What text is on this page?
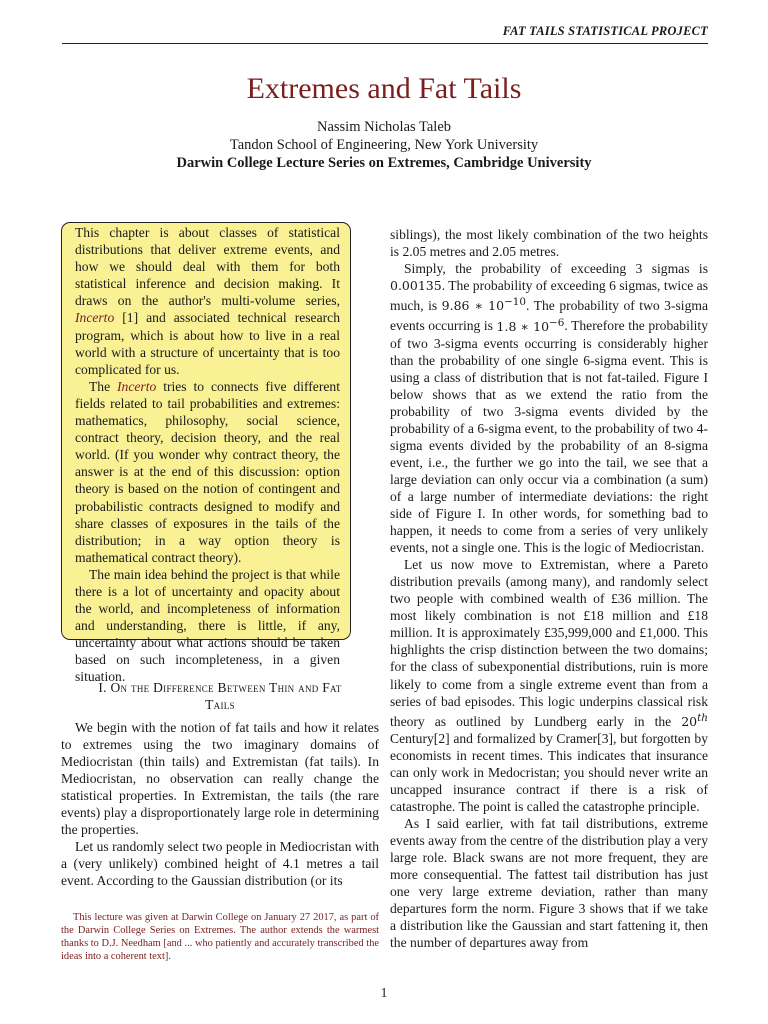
FAT TAILS STATISTICAL PROJECT
Extremes and Fat Tails
Nassim Nicholas Taleb
Tandon School of Engineering, New York University
Darwin College Lecture Series on Extremes, Cambridge University

This chapter is about classes of statistical distributions that deliver extreme events, and how we should deal with them for both statistical inference and decision making. It draws on the author's multi-volume series, Incerto [1] and associated technical research program, which is about how to live in a real world with a structure of uncertainty that is too complicated for us.

The Incerto tries to connects five different fields related to tail probabilities and extremes: mathematics, philosophy, social science, contract theory, decision theory, and the real world. (If you wonder why contract theory, the answer is at the end of this discussion: option theory is based on the notion of contingent and probabilistic contracts designed to modify and share classes of exposures in the tails of the distribution; in a way option theory is mathematical contract theory).

The main idea behind the project is that while there is a lot of uncertainty and opacity about the world, and incompleteness of information and understanding, there is little, if any, uncertainty about what actions should be taken based on such incompleteness, in a given situation.

I. On the Difference Between Thin and Fat
Tails

We begin with the notion of fat tails and how it relates to extremes using the two imaginary domains of Mediocristan (thin tails) and Extremistan (fat tails). In Mediocristan, no observation can really change the statistical properties. In Extremistan, the tails (the rare events) play a disproportionately large role in determining the properties.

Let us randomly select two people in Mediocristan with a (very unlikely) combined height of 4.1 metres a tail event. According to the Gaussian distribution (or its

This lecture was given at Darwin College on January 27 2017, as part of the Darwin College Series on Extremes. The author extends the warmest thanks to D.J. Needham [and ... who patiently and accurately transcribed the ideas into a coherent text].

siblings), the most likely combination of the two heights is 2.05 metres and 2.05 metres.

Simply, the probability of exceeding 3 sigmas is 0.00135. The probability of exceeding 6 sigmas, twice as much, is 9.86 ∗ $10^{-10}$. The probability of two 3-sigma events occurring is 1.8 ∗ $10^{-6}$. Therefore the probability of two 3-sigma events occurring is considerably higher than the probability of one single 6-sigma event. This is using a class of distribution that is not fat-tailed. Figure I below shows that as we extend the ratio from the probability of two 3-sigma events divided by the probability of a 6-sigma event, to the probability of two 4-sigma events divided by the probability of an 8-sigma event, i.e., the further we go into the tail, we see that a large deviation can only occur via a combination (a sum) of a large number of intermediate deviations: the right side of Figure I. In other words, for something bad to happen, it needs to come from a series of very unlikely events, not a single one. This is the logic of Mediocristan.

Let us now move to Extremistan, where a Pareto distribution prevails (among many), and randomly select two people with combined wealth of £36 million. The most likely combination is not £18 million and £18 million. It is approximately £35,999,000 and £1,000. This highlights the crisp distinction between the two domains; for the class of subexponential distributions, ruin is more likely to come from a single extreme event than from a series of bad episodes. This logic underpins classical risk theory as outlined by Lundberg early in the 20th Century[2] and formalized by Cramer[3], but forgotten by economists in recent times. This indicates that insurance can only work in Medocristan; you should never write an uncapped insurance contract if there is a risk of catastrophe. The point is called the catastrophe principle.

As I said earlier, with fat tail distributions, extreme events away from the centre of the distribution play a very large role. Black swans are not more frequent, they are more consequential. The fattest tail distribution has just one very large extreme deviation, rather than many departures form the norm. Figure 3 shows that if we take a distribution like the Gaussian and start fattening it, then the number of departures away from

1
